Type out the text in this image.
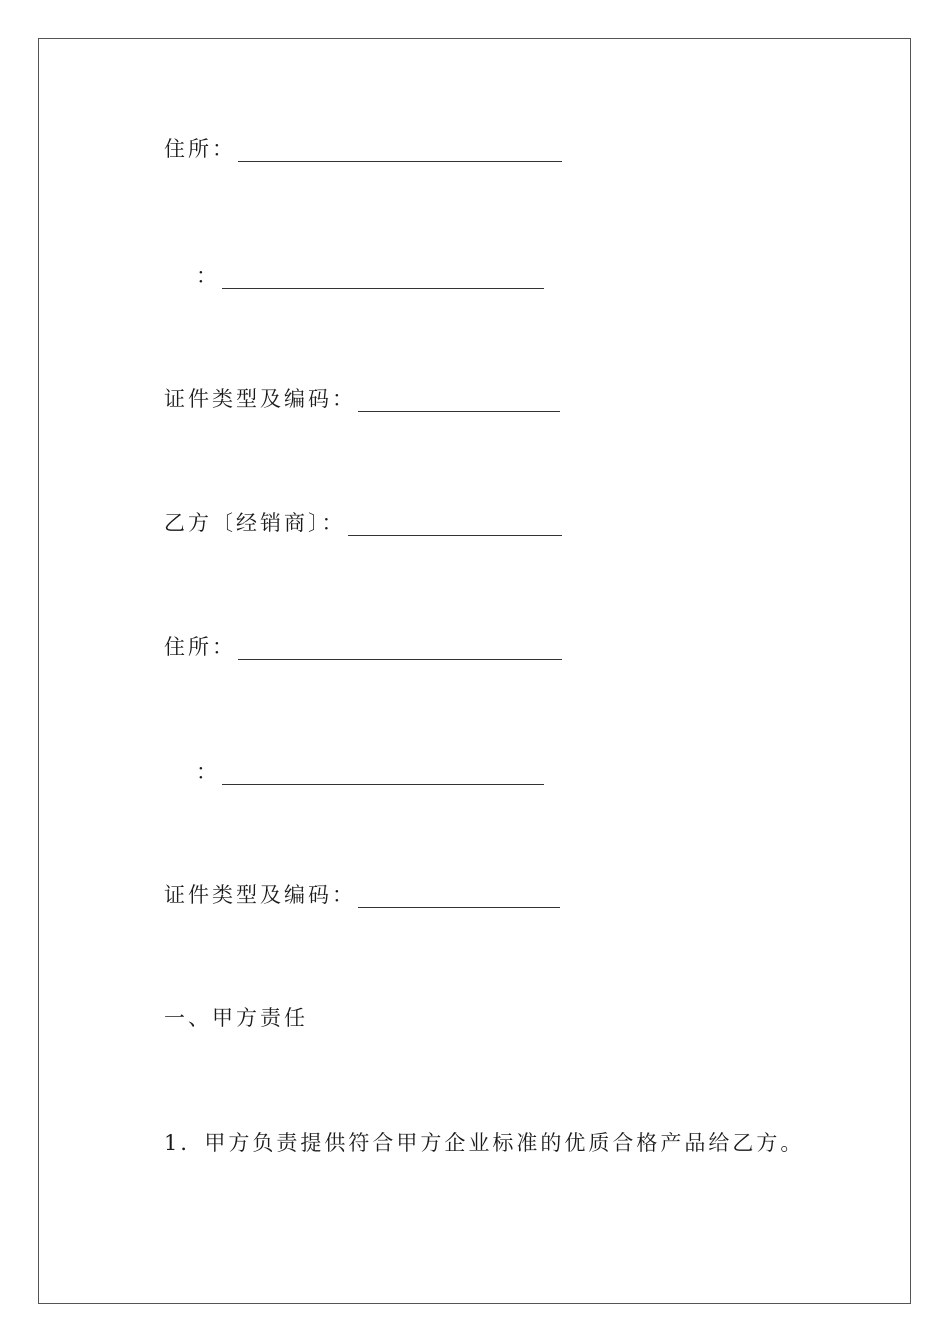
住所：
：
证件类型及编码：
乙方〔经销商〕：
住所：
：
证件类型及编码：
一、甲方责任
1．甲方负责提供符合甲方企业标准的优质合格产品给乙方。
